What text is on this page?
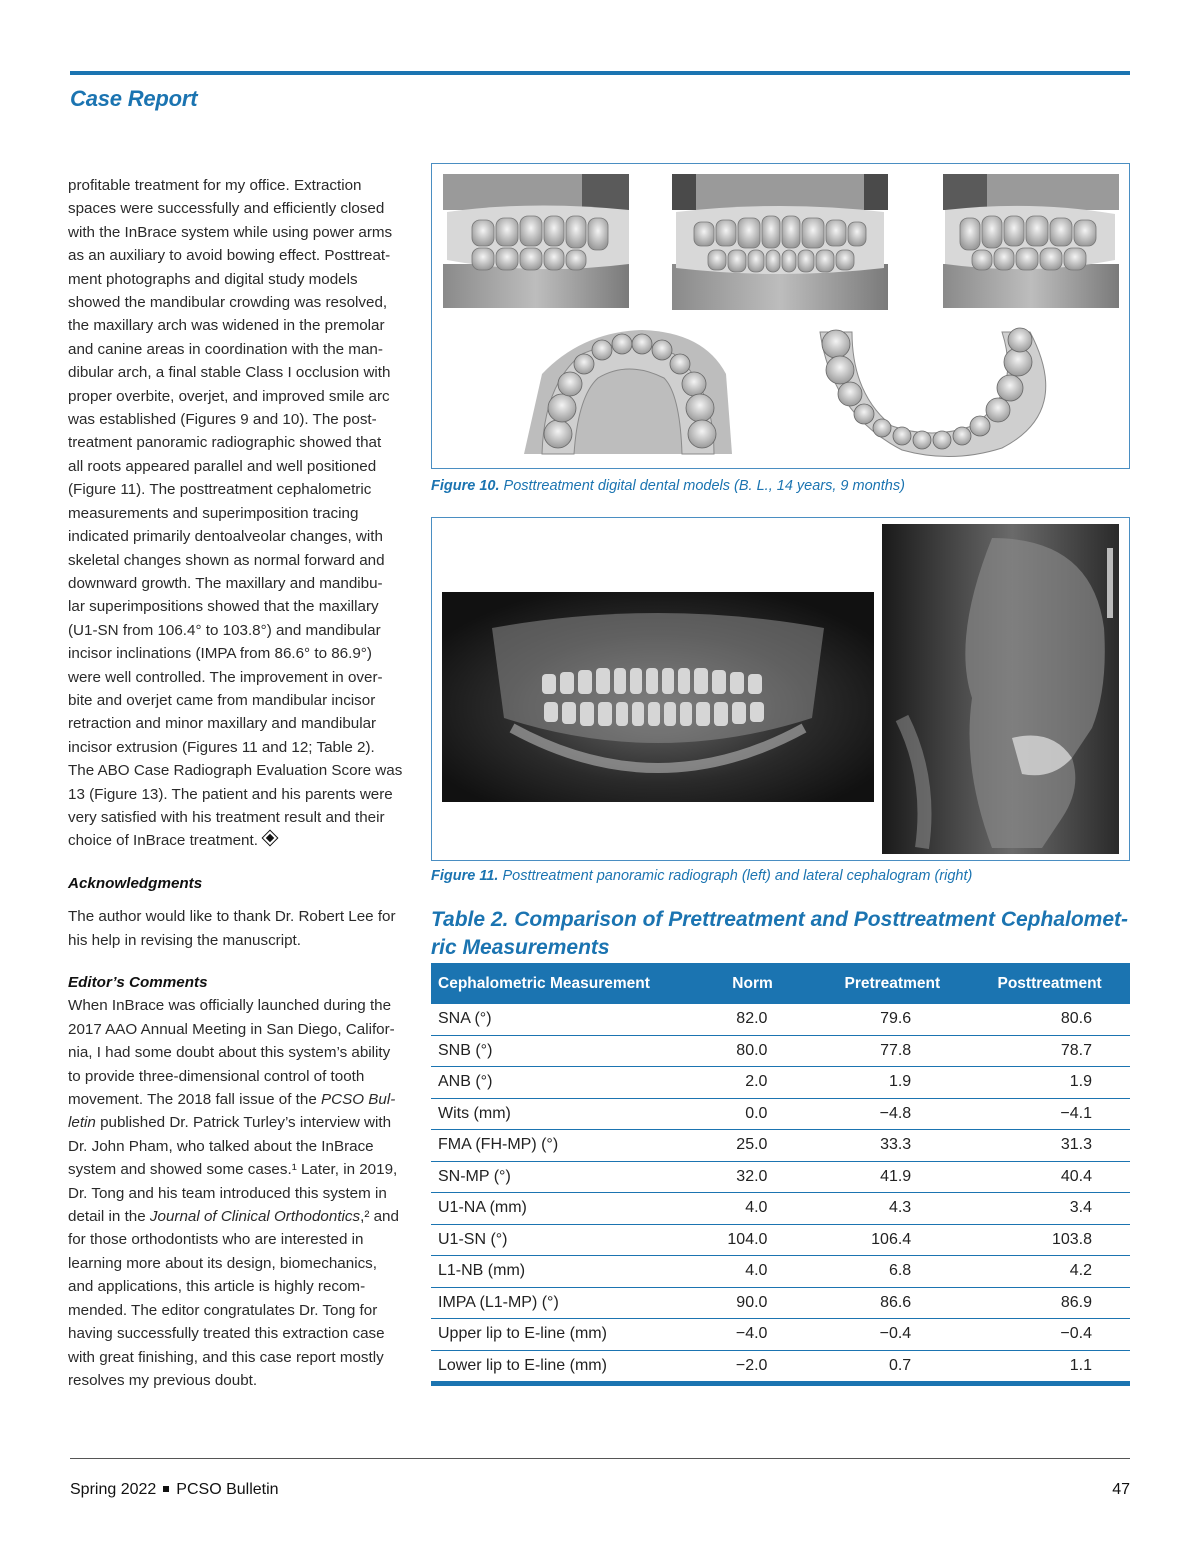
Case Report
profitable treatment for my office. Extraction
spaces were successfully and efficiently closed
with the InBrace system while using power arms
as an auxiliary to avoid bowing effect. Posttreat-
ment photographs and digital study models
showed the mandibular crowding was resolved,
the maxillary arch was widened in the premolar
and canine areas in coordination with the man-
dibular arch, a final stable Class I occlusion with
proper overbite, overjet, and improved smile arc
was established (Figures 9 and 10). The post-
treatment panoramic radiographic showed that
all roots appeared parallel and well positioned
(Figure 11). The posttreatment cephalometric
measurements and superimposition tracing
indicated primarily dentoalveolar changes, with
skeletal changes shown as normal forward and
downward growth. The maxillary and mandibu-
lar superimpositions showed that the maxillary
(U1-SN from 106.4° to 103.8°) and mandibular
incisor inclinations (IMPA from 86.6° to 86.9°)
were well controlled. The improvement in over-
bite and overjet came from mandibular incisor
retraction and minor maxillary and mandibular
incisor extrusion (Figures 11 and 12; Table 2).
The ABO Case Radiograph Evaluation Score was
13 (Figure 13). The patient and his parents were
very satisfied with his treatment result and their
choice of InBrace treatment.
Acknowledgments
The author would like to thank Dr. Robert Lee for
his help in revising the manuscript.
Editor’s Comments
When InBrace was officially launched during the
2017 AAO Annual Meeting in San Diego, Califor-
nia, I had some doubt about this system’s ability
to provide three-dimensional control of tooth
movement. The 2018 fall issue of the PCSO Bul-
letin published Dr. Patrick Turley’s interview with
Dr. John Pham, who talked about the InBrace
system and showed some cases.¹ Later, in 2019,
Dr. Tong and his team introduced this system in
detail in the Journal of Clinical Orthodontics,² and
for those orthodontists who are interested in
learning more about its design, biomechanics,
and applications, this article is highly recom-
mended. The editor congratulates Dr. Tong for
having successfully treated this extraction case
with great finishing, and this case report mostly
resolves my previous doubt.
Figure 10. Posttreatment digital dental models (B. L., 14 years, 9 months)
Figure 11. Posttreatment panoramic radiograph (left) and lateral cephalogram (right)
Table 2. Comparison of Prettreatment and Posttreatment Cephalomet-
ric Measurements
Cephalometric Measurement	Norm	Pretreatment	Posttreatment
SNA (°)	82.0	79.6	80.6
SNB (°)	80.0	77.8	78.7
ANB (°)	2.0	1.9	1.9
Wits (mm)	0.0	−4.8	−4.1
FMA (FH-MP) (°)	25.0	33.3	31.3
SN-MP (°)	32.0	41.9	40.4
U1-NA (mm)	4.0	4.3	3.4
U1-SN (°)	104.0	106.4	103.8
L1-NB (mm)	4.0	6.8	4.2
IMPA (L1-MP) (°)	90.0	86.6	86.9
Upper lip to E-line (mm)	−4.0	−0.4	−0.4
Lower lip to E-line (mm)	−2.0	0.7	1.1
Spring 2022 PCSO Bulletin	47
